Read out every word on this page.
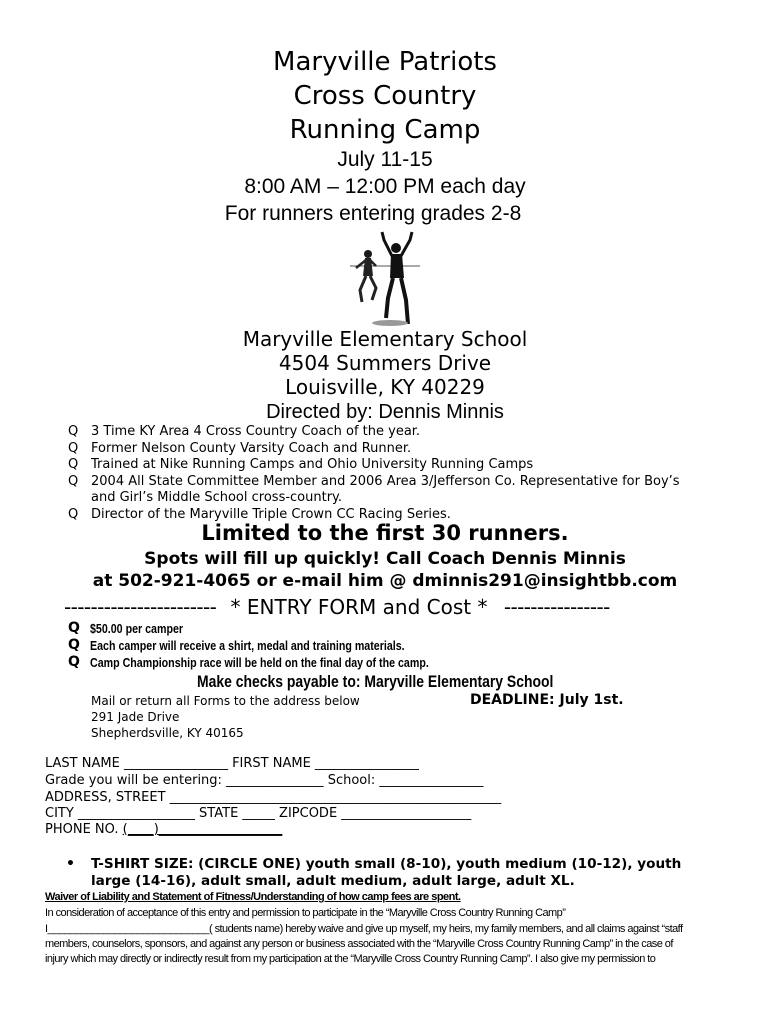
Maryville Patriots
Cross Country
Running Camp
July 11-15
8:00 AM – 12:00 PM each day
For runners entering grades 2-8
Maryville Elementary School
4504 Summers Drive
Louisville, KY 40229
Directed by: Dennis Minnis
Q 3 Time KY Area 4 Cross Country Coach of the year.
Q Former Nelson County Varsity Coach and Runner.
Q Trained at Nike Running Camps and Ohio University Running Camps
Q 2004 All State Committee Member and 2006 Area 3/Jefferson Co. Representative for Boy’s
and Girl’s Middle School cross-country.
Q Director of the Maryville Triple Crown CC Racing Series.
Limited to the first 30 runners.
Spots will fill up quickly! Call Coach Dennis Minnis
at 502-921-4065 or e-mail him @ dminnis291@insightbb.com
----------------------- * ENTRY FORM and Cost * ----------------
Q $50.00 per camper
Q Each camper will receive a shirt, medal and training materials.
Q Camp Championship race will be held on the final day of the camp.
Make checks payable to: Maryville Elementary School
Mail or return all Forms to the address below	DEADLINE: July 1st.
291 Jade Drive
Shepherdsville, KY 40165
LAST NAME ________________ FIRST NAME ________________
Grade you will be entering: _______________ School: ________________
ADDRESS, STREET ___________________________________________________
CITY __________________ STATE _____ ZIPCODE ____________________
PHONE NO. (____)___________________
• T-SHIRT SIZE: (CIRCLE ONE) youth small (8-10), youth medium (10-12), youth
large (14-16), adult small, adult medium, adult large, adult XL.
Waiver of Liability and Statement of Fitness/Understanding of how camp fees are spent.
In consideration of acceptance of this entry and permission to participate in the “Maryville Cross Country Running Camp”
I_____________________________( students name) hereby waive and give up myself, my heirs, my family members, and all claims against “staff
members, counselors, sponsors, and against any person or business associated with the “Maryville Cross Country Running Camp” in the case of
injury which may directly or indirectly result from my participation at the “Maryville Cross Country Running Camp”. I also give my permission to
